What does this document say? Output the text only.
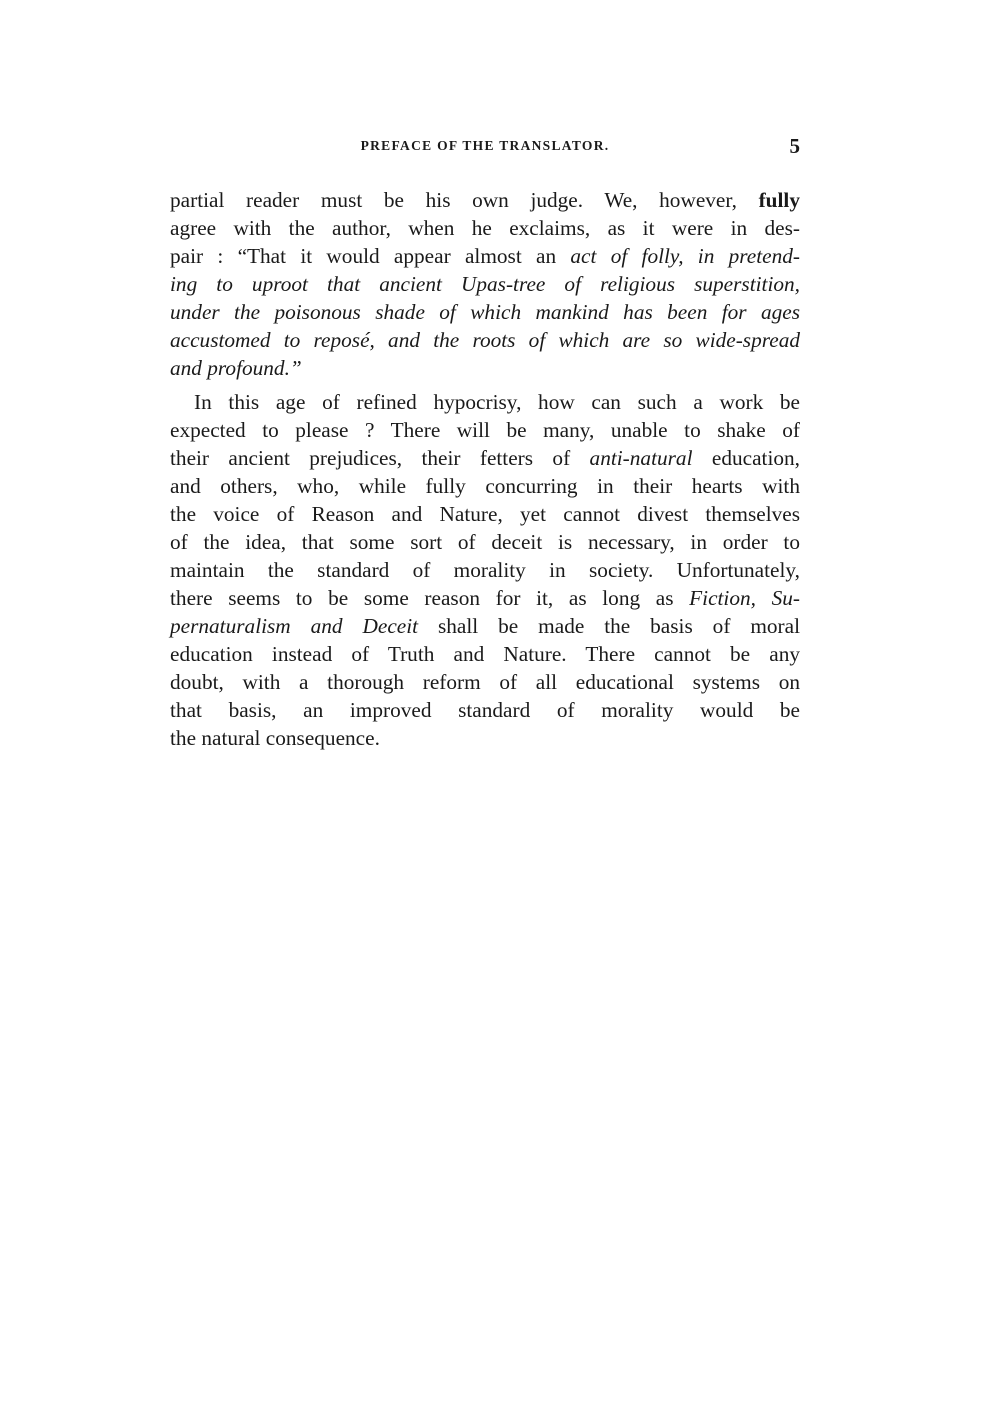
PREFACE OF THE TRANSLATOR.	5
partial reader must be his own judge. We, however, fully
agree with the author, when he exclaims, as it were in des-
pair : “That it would appear almost an act of folly, in pretend-
ing to uproot that ancient Upas-tree of religious superstition,
under the poisonous shade of which mankind has been for ages
accustomed to reposé, and the roots of which are so wide-spread
and profound.”
In this age of refined hypocrisy, how can such a work be
expected to please ? There will be many, unable to shake of
their ancient prejudices, their fetters of anti-natural education,
and others, who, while fully concurring in their hearts with
the voice of Reason and Nature, yet cannot divest themselves
of the idea, that some sort of deceit is necessary, in order to
maintain the standard of morality in society. Unfortunately,
there seems to be some reason for it, as long as Fiction, Su-
pernaturalism and Deceit shall be made the basis of moral
education instead of Truth and Nature. There cannot be any
doubt, with a thorough reform of all educational systems on
that basis, an improved standard of morality would be
the natural consequence.
